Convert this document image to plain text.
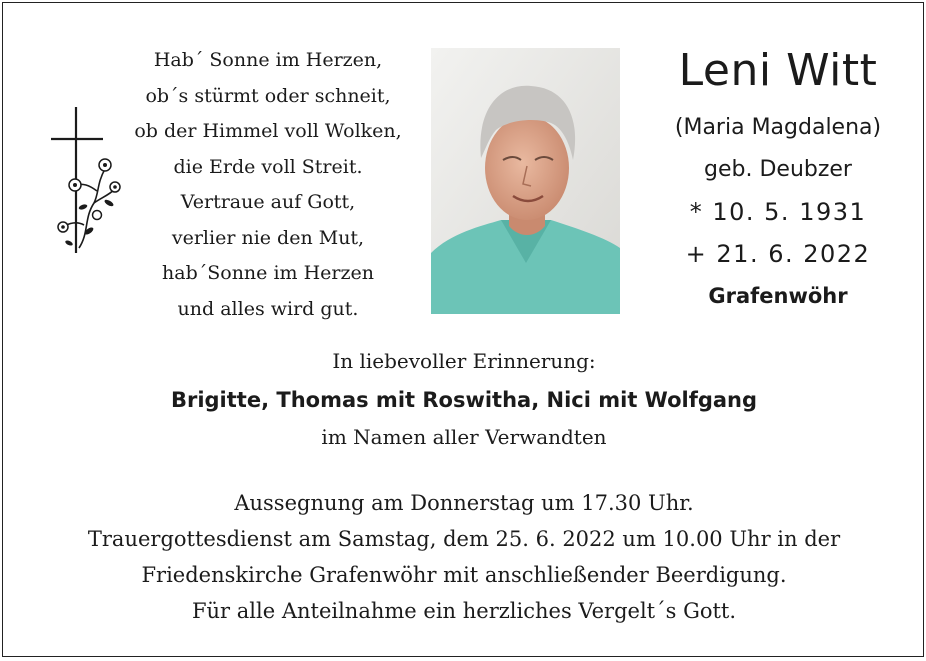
Hab´ Sonne im Herzen,
ob´s stürmt oder schneit,
ob der Himmel voll Wolken,
die Erde voll Streit.
Vertraue auf Gott,
verlier nie den Mut,
hab´Sonne im Herzen
und alles wird gut.
Leni Witt
(Maria Magdalena)
geb. Deubzer
* 10. 5. 1931
+ 21. 6. 2022
Grafenwöhr
In liebevoller Erinnerung:
Brigitte, Thomas mit Roswitha, Nici mit Wolfgang
im Namen aller Verwandten
Aussegnung am Donnerstag um 17.30 Uhr.
Trauergottesdienst am Samstag, dem 25. 6. 2022 um 10.00 Uhr in der
Friedenskirche Grafenwöhr mit anschließender Beerdigung.
Für alle Anteilnahme ein herzliches Vergelt´s Gott.
